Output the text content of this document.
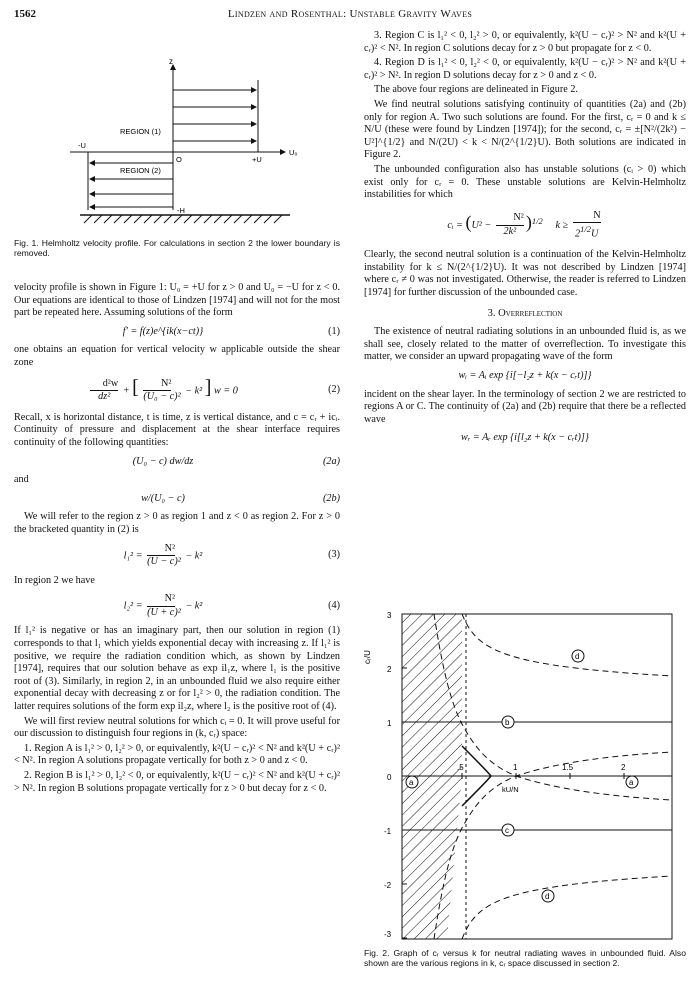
1562	Lindzen and Rosenthal: Unstable Gravity Waves
z
REGION (1)
REGION (2)
-U
+U
U₀
O
-H
Fig. 1. Helmholtz velocity profile. For calculations in section 2 the lower boundary is removed.

velocity profile is shown in Figure 1: U₀ = +U for z > 0 and U₀ = −U for z < 0. Our equations are identical to those of Lindzen [1974] and will not for the most part be repeated here. Assuming solutions of the form

f′ = f(z)e^{ik(x−ct)}	(1)

one obtains an equation for vertical velocity w applicable outside the shear zone

$\frac{\text{d²w}}{\text{dz²}}$ + [ $\frac{\text{N²}}{\text{(U₀ − c)²}} - k^2$ ] w = 0	(2)

Recall, x is horizontal distance, t is time, z is vertical distance, and c = cᵣ + icᵢ. Continuity of pressure and displacement at the shear interface requires continuity of the following quantities:

(U₀ − c) dw/dz	(2a)

and

w/(U₀ − c)	(2b)

We will refer to the region z > 0 as region 1 and z < 0 as region 2. For z > 0 the bracketed quantity in (2) is

$l_1^2 = \frac{\text{N²}}{\text{(U − c)²}} - k^2$	(3)

In region 2 we have

$l_2^2 = \frac{\text{N²}}{\text{(U + c)²}} - k^2$	(4)

If l₁² is negative or has an imaginary part, then our solution in region (1) corresponds to that l₁ which yields exponential decay with increasing z. If l₁² is positive, we require the radiation condition which, as shown by Lindzen [1974], requires that our solution behave as exp il₁z, where l₁ is the positive root of (3). Similarly, in region 2, in an unbounded fluid we also require either exponential decay with decreasing z or for l₂² > 0, the radiation condition. The latter requires solutions of the form exp il₂z, where l₂ is the positive root of (4).

We will first review neutral solutions for which cᵢ = 0. It will prove useful for our discussion to distinguish four regions in (k, cᵣ) space:

1. Region A is l₁² > 0, l₂² > 0, or equivalently, k²(U − cᵣ)² < N² and k²(U + cᵣ)² < N². In region A solutions propagate vertically for both z > 0 and z < 0.

2. Region B is l₁² > 0, l₂² < 0, or equivalently, k²(U − cᵣ)² < N² and k²(U + cᵣ)² > N². In region B solutions propagate vertically for z > 0 but decay for z < 0.

3. Region C is l₁² < 0, l₂² > 0, or equivalently, k²(U − cᵣ)² > N² and k²(U + cᵣ)² < N². In region C solutions decay for z > 0 but propagate for z < 0.

4. Region D is l₁² < 0, l₂² < 0, or equivalently, k²(U − cᵣ)² > N² and k²(U + cᵣ)² > N². In region D solutions decay for z > 0 and z < 0.

The above four regions are delineated in Figure 2.

We find neutral solutions satisfying continuity of quantities (2a) and (2b) only for region A. Two such solutions are found. For the first, cᵣ = 0 and k ≤ N/U (these were found by Lindzen [1974]); for the second, cᵣ = ±[N²/(2k²) − U²]^{1/2} and N/(2U) < k < N/(2^{1/2}U). Both solutions are indicated in Figure 2.

The unbounded configuration also has unstable solutions (cᵢ > 0) which exist only for cᵣ = 0. These unstable solutions are Kelvin-Helmholtz instabilities for which

cᵢ = $(U^2 - \frac{\text{N²}}{\text{2k²}} )^{1/2}$     $k \ge \frac{N}{2^{1/2}U}$

Clearly, the second neutral solution is a continuation of the Kelvin-Helmholtz instability for k ≤ N/(2^{1/2}U). It was not described by Lindzen [1974] where cᵣ ≠ 0 was not investigated. Otherwise, the reader is referred to Lindzen [1974] for further discussion of the unbounded case.

3. Overreflection

The existence of neutral radiating solutions in an unbounded fluid is, as we shall see, closely related to the matter of overreflection. To investigate this matter, we consider an upward propagating wave of the form

wᵢ = Aᵢ exp {i[−l₂z + k(x − cᵣt)]}

incident on the shear layer. In the terminology of section 2 we are restricted to regions A or C. The continuity of (2a) and (2b) require that there be a reflected wave

wᵣ = Aᵣ exp {i[l₂z + k(x − cᵣt)]}
3
2
1
0
-1
-2
-3
.5	1	1.5	2
cᵣ/U
kU/N
d
b
a	a
c
d
Fig. 2. Graph of cᵣ versus k for neutral radiating waves in unbounded fluid. Also shown are the various regions in k, cᵣ space discussed in section 2.
